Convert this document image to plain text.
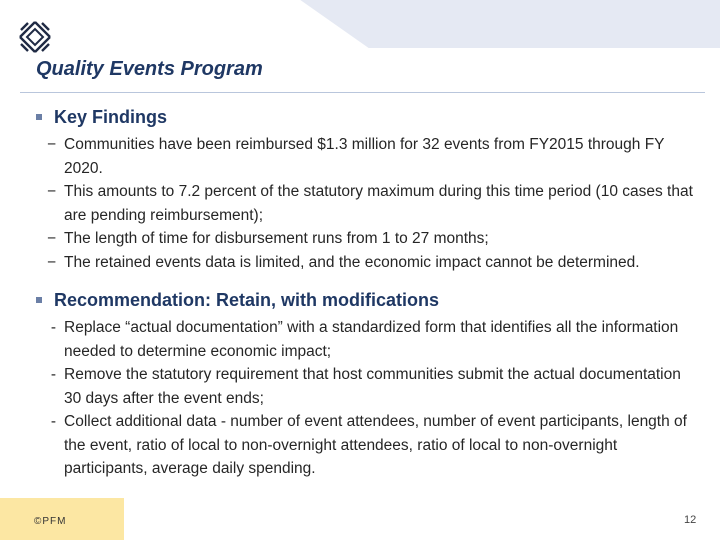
Quality Events Program
Key Findings
− Communities have been reimbursed $1.3 million for 32 events from FY2015 through FY 2020.
− This amounts to 7.2 percent of the statutory maximum during this time period (10 cases that are pending reimbursement);
− The length of time for disbursement runs from 1 to 27 months;
− The retained events data is limited, and the economic impact cannot be determined.
Recommendation: Retain, with modifications
- Replace “actual documentation” with a standardized form that identifies all the information needed to determine economic impact;
- Remove the statutory requirement that host communities submit the actual documentation 30 days after the event ends;
- Collect additional data - number of event attendees, number of event participants, length of the event, ratio of local to non-overnight attendees, ratio of local to non-overnight participants, average daily spending.
©PFM	12
